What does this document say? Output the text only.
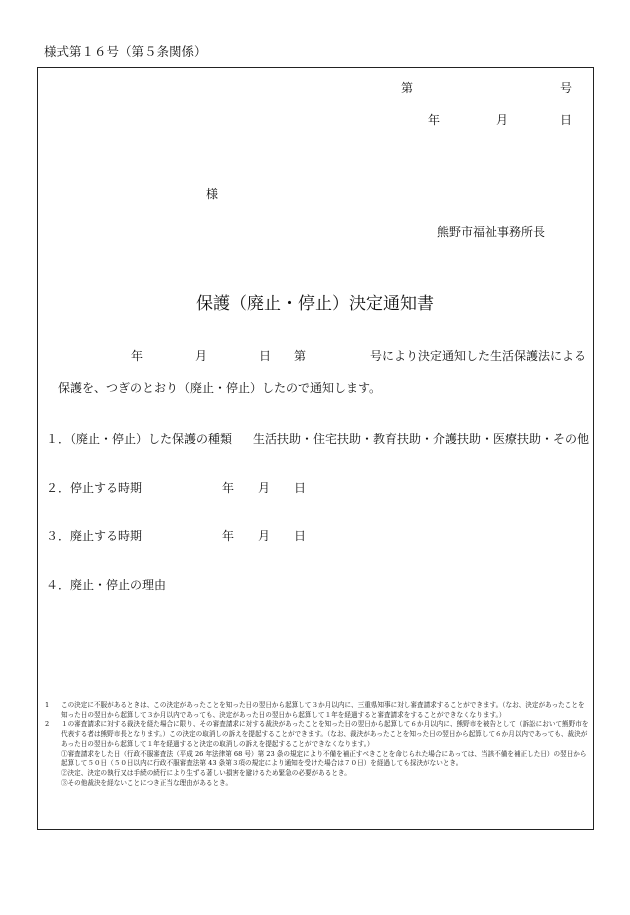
様式第１６号（第５条関係）
第	号
年	月	日
様
熊野市福祉事務所長
保護（廃止・停止）決定通知書
年	月	日 第	号により決定通知した生活保護法による
保護を、つぎのとおり（廃止・停止）したので通知します。
１．（廃止・停止）した保護の種類 生活扶助・住宅扶助・教育扶助・介護扶助・医療扶助・その他
２．停止する時期	年 月 日
３．廃止する時期	年 月 日
４．廃止・停止の理由

1 この決定に不服があるときは、この決定があったことを知った日の翌日から起算して３か月以内に、三重県知事に対し審査請求することができます。（なお、決定があったことを知った日の翌日から起算して３か月以内であっても、決定があった日の翌日から起算して１年を経過すると審査請求をすることができなくなります。）

2 １の審査請求に対する裁決を経た場合に限り、その審査請求に対する裁決があったことを知った日の翌日から起算して６か月以内に、熊野市を被告として（訴訟において熊野市を代表する者は熊野市長となります。）この決定の取消しの訴えを提起することができます。（なお、裁決があったことを知った日の翌日から起算して６か月以内であっても、裁決があった日の翌日から起算して１年を経過すると決定の取消しの訴えを提起することができなくなります。）

①審査請求をした日（行政不服審査法（平成 26 年法律第 68 号）第 23 条の規定により不備を補正すべきことを命じられた場合にあっては、当該不備を補正した日）の翌日から起算して５０日（５０日以内に行政不服審査法第 43 条第３項の規定により通知を受けた場合は７０日）を経過しても採決がないとき。

②決定、決定の執行又は手続の続行により生ずる著しい損害を避けるため緊急の必要があるとき。

③その他裁決を経ないことにつき正当な理由があるとき。
